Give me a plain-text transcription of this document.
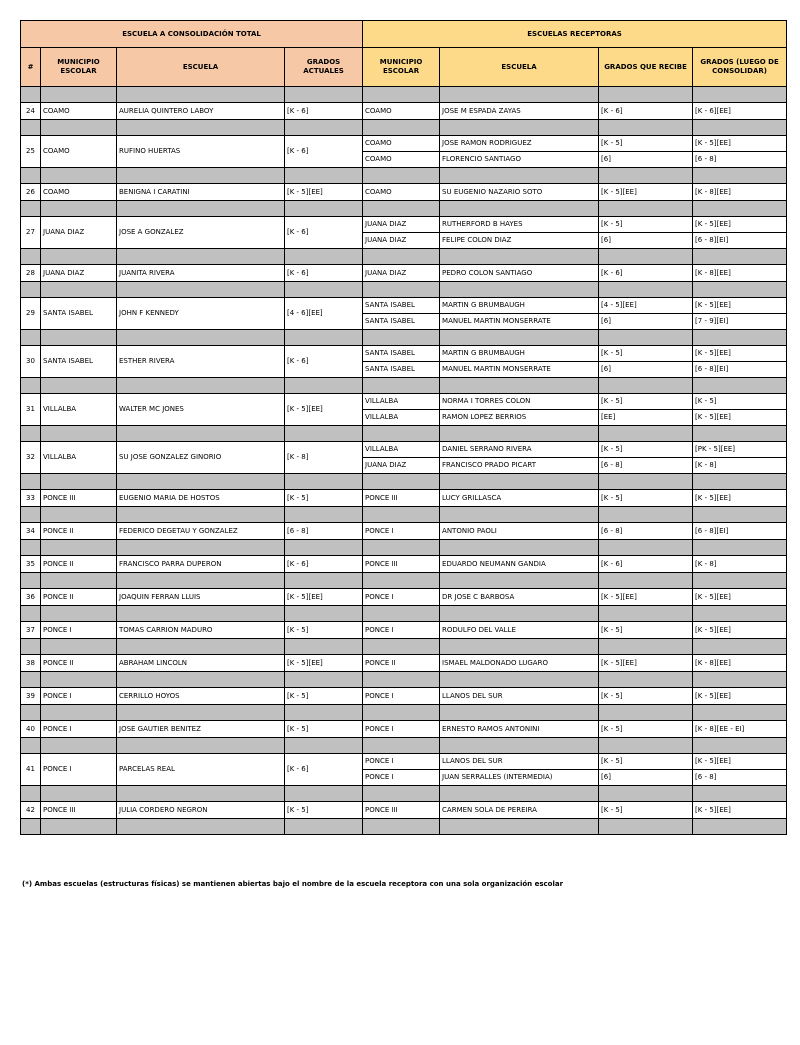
ESCUELA A CONSOLIDACIÓN TOTAL				ESCUELAS RECEPTORAS			
#	MUNICIPIO ESCOLAR	ESCUELA	GRADOS ACTUALES	MUNICIPIO ESCOLAR	ESCUELA	GRADOS QUE RECIBE	GRADOS (LUEGO DE CONSOLIDAR)

24	COAMO	AURELIA QUINTERO LABOY	[K - 6]	COAMO	JOSE M ESPADA ZAYAS	[K - 6]	[K - 6][EE]

25	COAMO	RUFINO HUERTAS	[K - 6]	COAMO	JOSE RAMON RODRIGUEZ	[K - 5]	[K - 5][EE]
				COAMO	FLORENCIO SANTIAGO	[6]	[6 - 8]

26	COAMO	BENIGNA I CARATINI	[K - 5][EE]	COAMO	SU EUGENIO NAZARIO SOTO	[K - 5][EE]	[K - 8][EE]

27	JUANA DIAZ	JOSE A GONZALEZ	[K - 6]	JUANA DIAZ	RUTHERFORD B HAYES	[K - 5]	[K - 5][EE]
				JUANA DIAZ	FELIPE COLON DIAZ	[6]	[6 - 8][EI]

28	JUANA DIAZ	JUANITA RIVERA	[K - 6]	JUANA DIAZ	PEDRO COLON SANTIAGO	[K - 6]	[K - 8][EE]

29	SANTA ISABEL	JOHN F KENNEDY	[4 - 6][EE]	SANTA ISABEL	MARTIN G BRUMBAUGH	[4 - 5][EE]	[K - 5][EE]
				SANTA ISABEL	MANUEL MARTIN MONSERRATE	[6]	[7 - 9][EI]

30	SANTA ISABEL	ESTHER RIVERA	[K - 6]	SANTA ISABEL	MARTIN G BRUMBAUGH	[K - 5]	[K - 5][EE]
				SANTA ISABEL	MANUEL MARTIN MONSERRATE	[6]	[6 - 8][EI]

31	VILLALBA	WALTER MC JONES	[K - 5][EE]	VILLALBA	NORMA I TORRES COLON	[K - 5]	[K - 5]
				VILLALBA	RAMON LOPEZ BERRIOS	[EE]	[K - 5][EE]

32	VILLALBA	SU JOSE GONZALEZ GINORIO	[K - 8]	VILLALBA	DANIEL SERRANO RIVERA	[K - 5]	[PK - 5][EE]
				JUANA DIAZ	FRANCISCO PRADO PICART	[6 - 8]	[K - 8]

33	PONCE III	EUGENIO MARIA DE HOSTOS	[K - 5]	PONCE III	LUCY GRILLASCA	[K - 5]	[K - 5][EE]

34	PONCE II	FEDERICO DEGETAU Y GONZALEZ	[6 - 8]	PONCE I	ANTONIO PAOLI	[6 - 8]	[6 - 8][EI]

35	PONCE II	FRANCISCO PARRA DUPERON	[K - 6]	PONCE III	EDUARDO NEUMANN GANDIA	[K - 6]	[K - 8]

36	PONCE II	JOAQUIN FERRAN LLUIS	[K - 5][EE]	PONCE I	DR JOSE C BARBOSA	[K - 5][EE]	[K - 5][EE]

37	PONCE I	TOMAS CARRION MADURO	[K - 5]	PONCE I	RODULFO DEL VALLE	[K - 5]	[K - 5][EE]

38	PONCE II	ABRAHAM LINCOLN	[K - 5][EE]	PONCE II	ISMAEL MALDONADO LUGARO	[K - 5][EE]	[K - 8][EE]

39	PONCE I	CERRILLO HOYOS	[K - 5]	PONCE I	LLANOS DEL SUR	[K - 5]	[K - 5][EE]

40	PONCE I	JOSE GAUTIER BENITEZ	[K - 5]	PONCE I	ERNESTO RAMOS ANTONINI	[K - 5]	[K - 8][EE - EI]

41	PONCE I	PARCELAS REAL	[K - 6]	PONCE I	LLANOS DEL SUR	[K - 5]	[K - 5][EE]
				PONCE I	JUAN SERRALLES (INTERMEDIA)	[6]	[6 - 8]

42	PONCE III	JULIA CORDERO NEGRON	[K - 5]	PONCE III	CARMEN SOLA DE PEREIRA	[K - 5]	[K - 5][EE]

(*) Ambas escuelas (estructuras físicas) se mantienen abiertas bajo el nombre de la escuela receptora con una sola organización escolar
